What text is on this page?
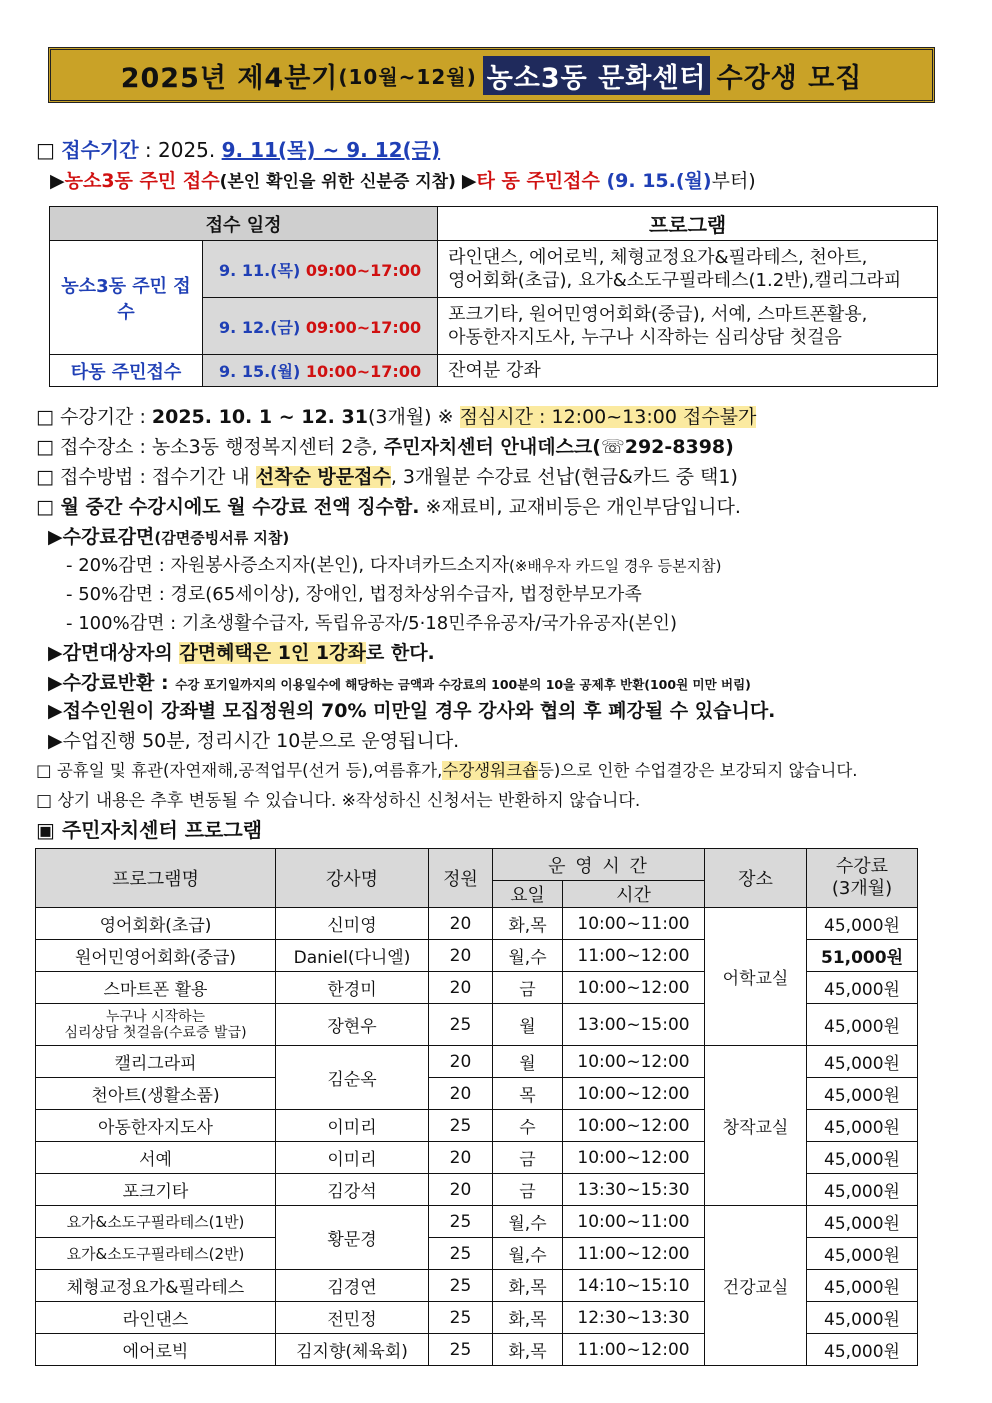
2025년 제4분기 (10월~12월) 농소3동 문화센터 수강생 모집
□ 접수기간 : 2025. 9. 11(목) ~ 9. 12(금)
▶농소3동 주민 접수(본인 확인을 위한 신분증 지참) ▶타 동 주민접수 (9. 15.(월)부터)
접수 일정		프로그램
농소3동 주민 접수	9. 11.(목) 09:00~17:00	라인댄스, 에어로빅, 체형교정요가&필라테스, 천아트,
영어회화(초급), 요가&소도구필라테스(1.2반),캘리그라피

	9. 12.(금) 09:00~17:00	포크기타, 원어민영어회화(중급), 서예, 스마트폰활용,
아동한자지도사, 누구나 시작하는 심리상담 첫걸음

타동 주민접수	9. 15.(월) 10:00~17:00	잔여분 강좌
□ 수강기간 : 2025. 10. 1 ~ 12. 31(3개월) ※ 점심시간 : 12:00~13:00 접수불가
□ 접수장소 : 농소3동 행정복지센터 2층, 주민자치센터 안내데스크(☏292-8398)
□ 접수방법 : 접수기간 내 선착순 방문접수, 3개월분 수강료 선납(현금&카드 중 택1)
□ 월 중간 수강시에도 월 수강료 전액 징수함. ※재료비, 교재비등은 개인부담입니다.
▶수강료감면(감면증빙서류 지참)
- 20%감면 : 자원봉사증소지자(본인), 다자녀카드소지자(※배우자 카드일 경우 등본지참)
- 50%감면 : 경로(65세이상), 장애인, 법정차상위수급자, 법정한부모가족
- 100%감면 : 기초생활수급자, 독립유공자/5·18민주유공자/국가유공자(본인)
▶감면대상자의 감면혜택은 1인 1강좌로 한다.
▶수강료반환 : 수강 포기일까지의 이용일수에 해당하는 금액과 수강료의 100분의 10을 공제후 반환(100원 미만 버림)
▶접수인원이 강좌별 모집정원의 70% 미만일 경우 강사와 협의 후 폐강될 수 있습니다.
▶수업진행 50분, 정리시간 10분으로 운영됩니다.
□ 공휴일 및 휴관(자연재해,공적업무(선거 등),여름휴가,수강생워크숍등)으로 인한 수업결강은 보강되지 않습니다.
□ 상기 내용은 추후 변동될 수 있습니다. ※작성하신 신청서는 반환하지 않습니다.
▣ 주민자치센터 프로그램
프로그램명	강사명	정원	운 영 시 간		장소	수강료
(3개월)

			요일	시간		
영어회화(초급)	신미영	20	화,목	10:00~11:00	어학교실	45,000원
원어민영어회화(중급)	Daniel(다니엘)	20	월,수	11:00~12:00		51,000원
스마트폰 활용	한경미	20	금	10:00~12:00		45,000원

누구나 시작하는
심리상담 첫걸음(수료증 발급)	장현우	25	월	13:00~15:00		45,000원
캘리그라피	김순옥	20	월	10:00~12:00	창작교실	45,000원
천아트(생활소품)		20	목	10:00~12:00		45,000원
아동한자지도사	이미리	25	수	10:00~12:00		45,000원
서예	이미리	20	금	10:00~12:00		45,000원
포크기타	김강석	20	금	13:30~15:30		45,000원
요가&소도구필라테스(1반)	황문경	25	월,수	10:00~11:00	건강교실	45,000원
요가&소도구필라테스(2반)		25	월,수	11:00~12:00		45,000원
체형교정요가&필라테스	김경연	25	화,목	14:10~15:10		45,000원
라인댄스	전민정	25	화,목	12:30~13:30		45,000원
에어로빅	김지향(체육회)	25	화,목	11:00~12:00		45,000원
